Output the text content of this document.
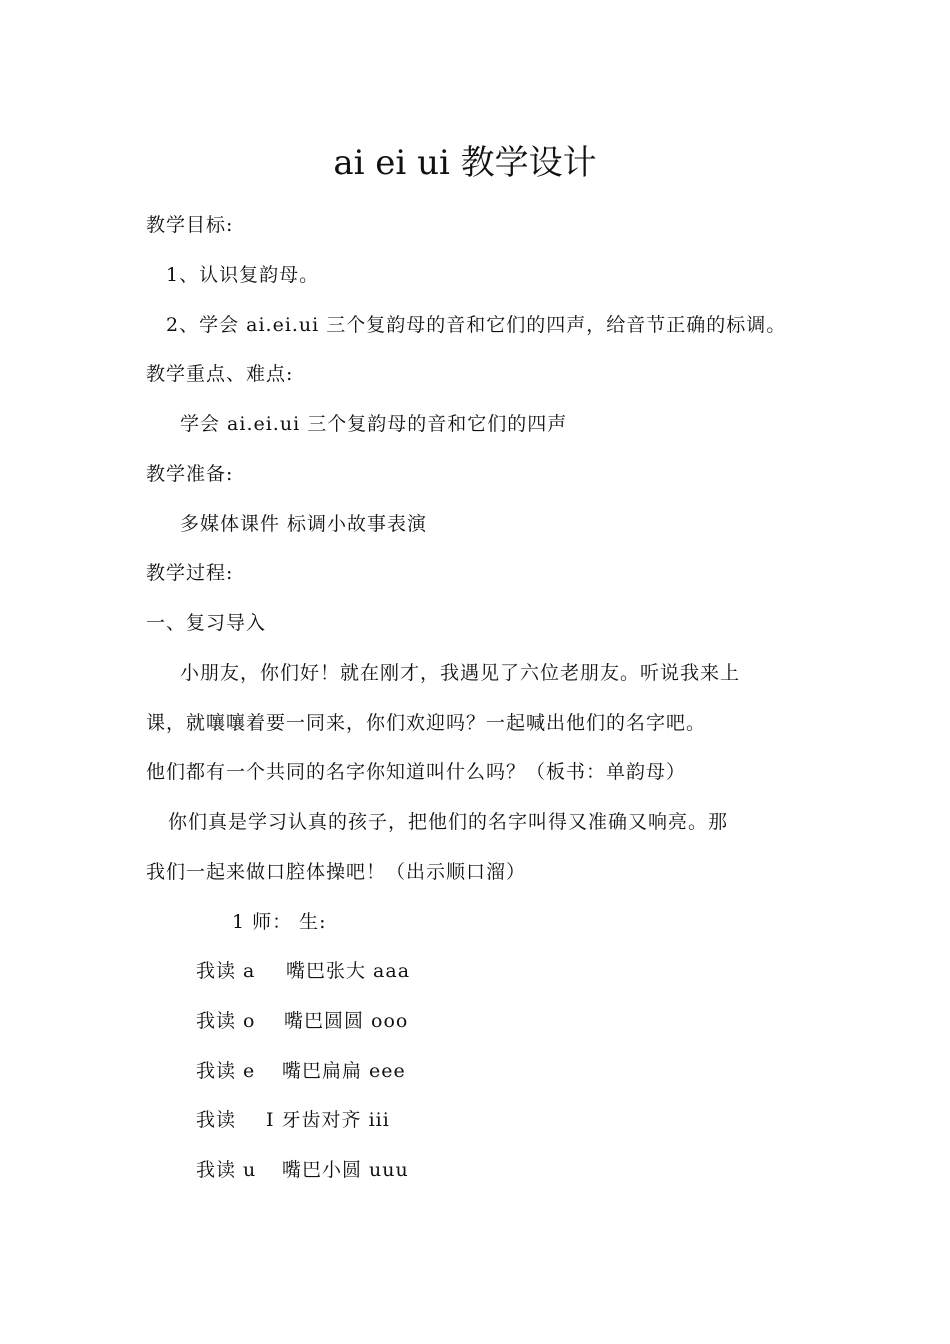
ai ei ui 教学设计
教学目标:
1、认识复韵母。
2、学会 ai.ei.ui 三个复韵母的音和它们的四声，给音节正确的标调。
教学重点、难点:
学会 ai.ei.ui 三个复韵母的音和它们的四声
教学准备:
多媒体课件 标调小故事表演
教学过程:
一、复习导入
小朋友，你们好！就在刚才，我遇见了六位老朋友。听说我来上
课，就嚷嚷着要一同来，你们欢迎吗？一起喊出他们的名字吧。
他们都有一个共同的名字你知道叫什么吗？（板书：单韵母）
你们真是学习认真的孩子，把他们的名字叫得又准确又响亮。那
我们一起来做口腔体操吧！（出示顺口溜）
1 师： 生:
我读 a 嘴巴张大 aaa
我读 o 嘴巴圆圆 ooo
我读 e 嘴巴扁扁 eee
我读 I 牙齿对齐 iii
我读 u 嘴巴小圆 uuu
